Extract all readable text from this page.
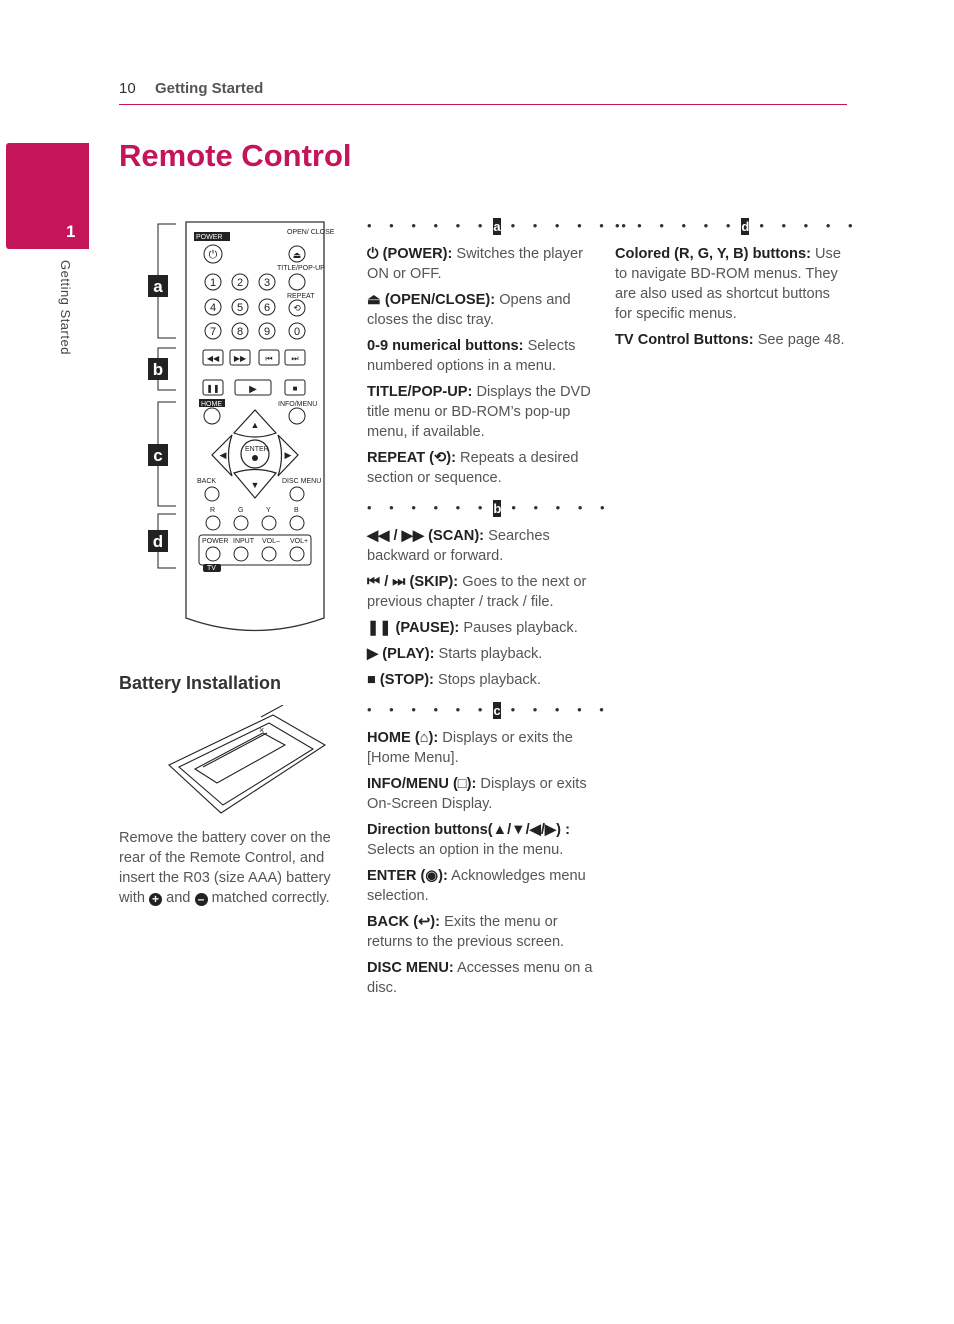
10 Getting Started
1
Getting Started
Remote Control
a
b
c
d
POWER
⏻
OPEN/ CLOSE
⏏
TITLE/POP-UP
REPEAT
⟲
1 2 3
4 5 6
7 8 9 0
◀◀ ▶▶ ⏮ ⏭
❚❚	▶	■
HOME	INFO/MENU
ENTER
▲
▼
◀	▶
BACK	DISC MENU
R	G	Y	B
POWER INPUT VOL– VOL+
TV
Battery Installation
×
Remove the battery cover on the rear of the Remote Control, and insert the R03 (size AAA) battery with + and – matched correctly.
• • • • • • a • • • • • •

⏻ (POWER): Switches the player ON or OFF.

⏏ (OPEN/CLOSE): Opens and closes the disc tray.

0-9 numerical buttons: Selects numbered options in a menu.

TITLE/POP-UP: Displays the DVD title menu or BD-ROM’s pop-up menu, if available.

REPEAT (⟲): Repeats a desired section or sequence.

• • • • • • b • • • • •

◀◀ / ▶▶ (SCAN): Searches backward or forward.

⏮ / ⏭ (SKIP): Goes to the next or previous chapter / track / file.

❚❚ (PAUSE): Pauses playback.

▶ (PLAY): Starts playback.

■ (STOP): Stops playback.

• • • • • • c • • • • •

HOME (⌂): Displays or exits the [Home Menu].

INFO/MENU (□): Displays or exits On-Screen Display.

Direction buttons(▲/▼/◀/▶) : Selects an option in the menu.

ENTER (◉): Acknowledges menu selection.

BACK (↩): Exits the menu or returns to the previous screen.

DISC MENU: Accesses menu on a disc.

• • • • • • d • • • • •

Colored (R, G, Y, B) buttons: Use to navigate BD-ROM menus. They are also used as shortcut buttons for specific menus.

TV Control Buttons: See page 48.
